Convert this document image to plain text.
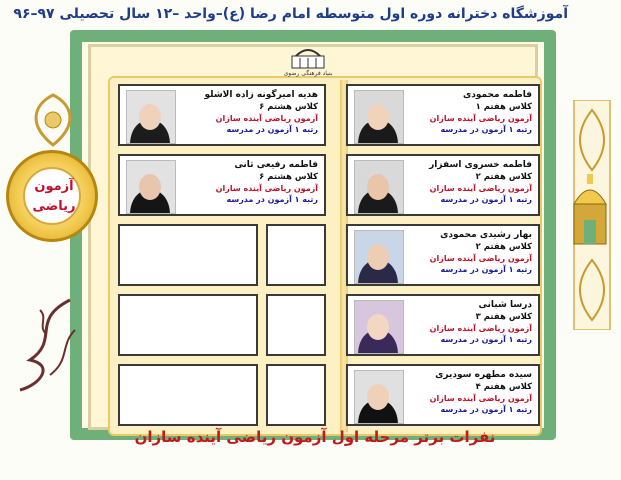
آموزشگاه دخترانه دوره اول متوسطه امام رضا (ع)–واحد –۱۲ سال تحصیلی ۹۷–۹۶
آزمون
ریاضی
بنیاد فرهنگی رضوی
فاطمه محمودی
کلاس هفتم ۱
آزمون ریاضی آینده سازان
رتبه ۱ آزمون در مدرسه
فاطمه خسروی اسفزار
کلاس هفتم ۲
آزمون ریاضی آینده سازان
رتبه ۱ آزمون در مدرسه
بهار رشیدی محمودی
کلاس هفتم ۲
آزمون ریاضی آینده سازان
رتبه ۱ آزمون در مدرسه
درسا شبانی
کلاس هفتم ۳
آزمون ریاضی آینده سازان
رتبه ۱ آزمون در مدرسه
سیده مطهره سودیری
کلاس هفتم ۴
آزمون ریاضی آینده سازان
رتبه ۱ آزمون در مدرسه
هدیه امیرگونه زاده الاشلو
کلاس هشتم ۶
آزمون ریاضی آینده سازان
رتبه ۱ آزمون در مدرسه
فاطمه رفیعی ثانی
کلاس هشتم ۶
آزمون ریاضی آینده سازان
رتبه ۱ آزمون در مدرسه
نفرات برتر مرحله اول آزمون ریاضی آینده سازان
